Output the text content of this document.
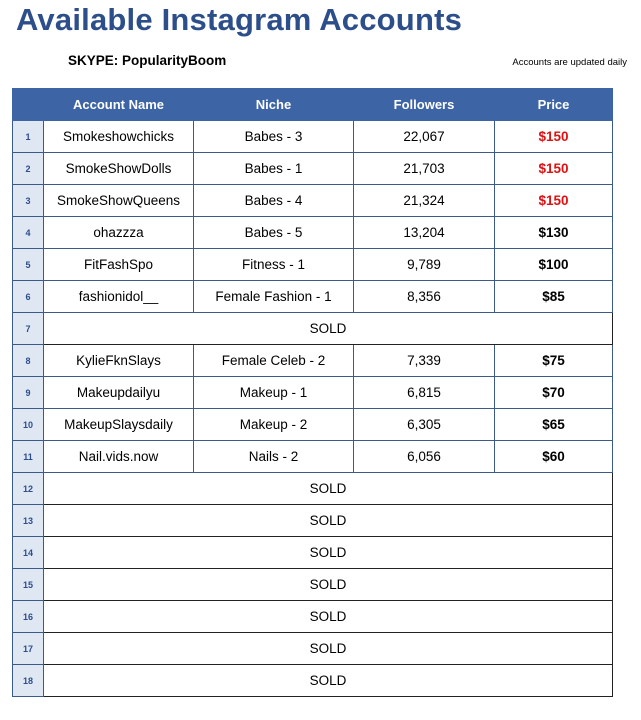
Available Instagram Accounts
SKYPE: PopularityBoom	Accounts are updated daily
	Account Name	Niche	Followers	Price
1	Smokeshowchicks	Babes - 3	22,067	$150
2	SmokeShowDolls	Babes - 1	21,703	$150
3	SmokeShowQueens	Babes - 4	21,324	$150
4	ohazzza	Babes - 5	13,204	$130
5	FitFashSpo	Fitness - 1	9,789	$100
6	fashionidol__	Female Fashion - 1	8,356	$85
7	SOLD			
8	KylieFknSlays	Female Celeb - 2	7,339	$75
9	Makeupdailyu	Makeup - 1	6,815	$70
10	MakeupSlaysdaily	Makeup - 2	6,305	$65
11	Nail.vids.now	Nails - 2	6,056	$60
12	SOLD			
13	SOLD			
14	SOLD			
15	SOLD			
16	SOLD			
17	SOLD			
18	SOLD			
